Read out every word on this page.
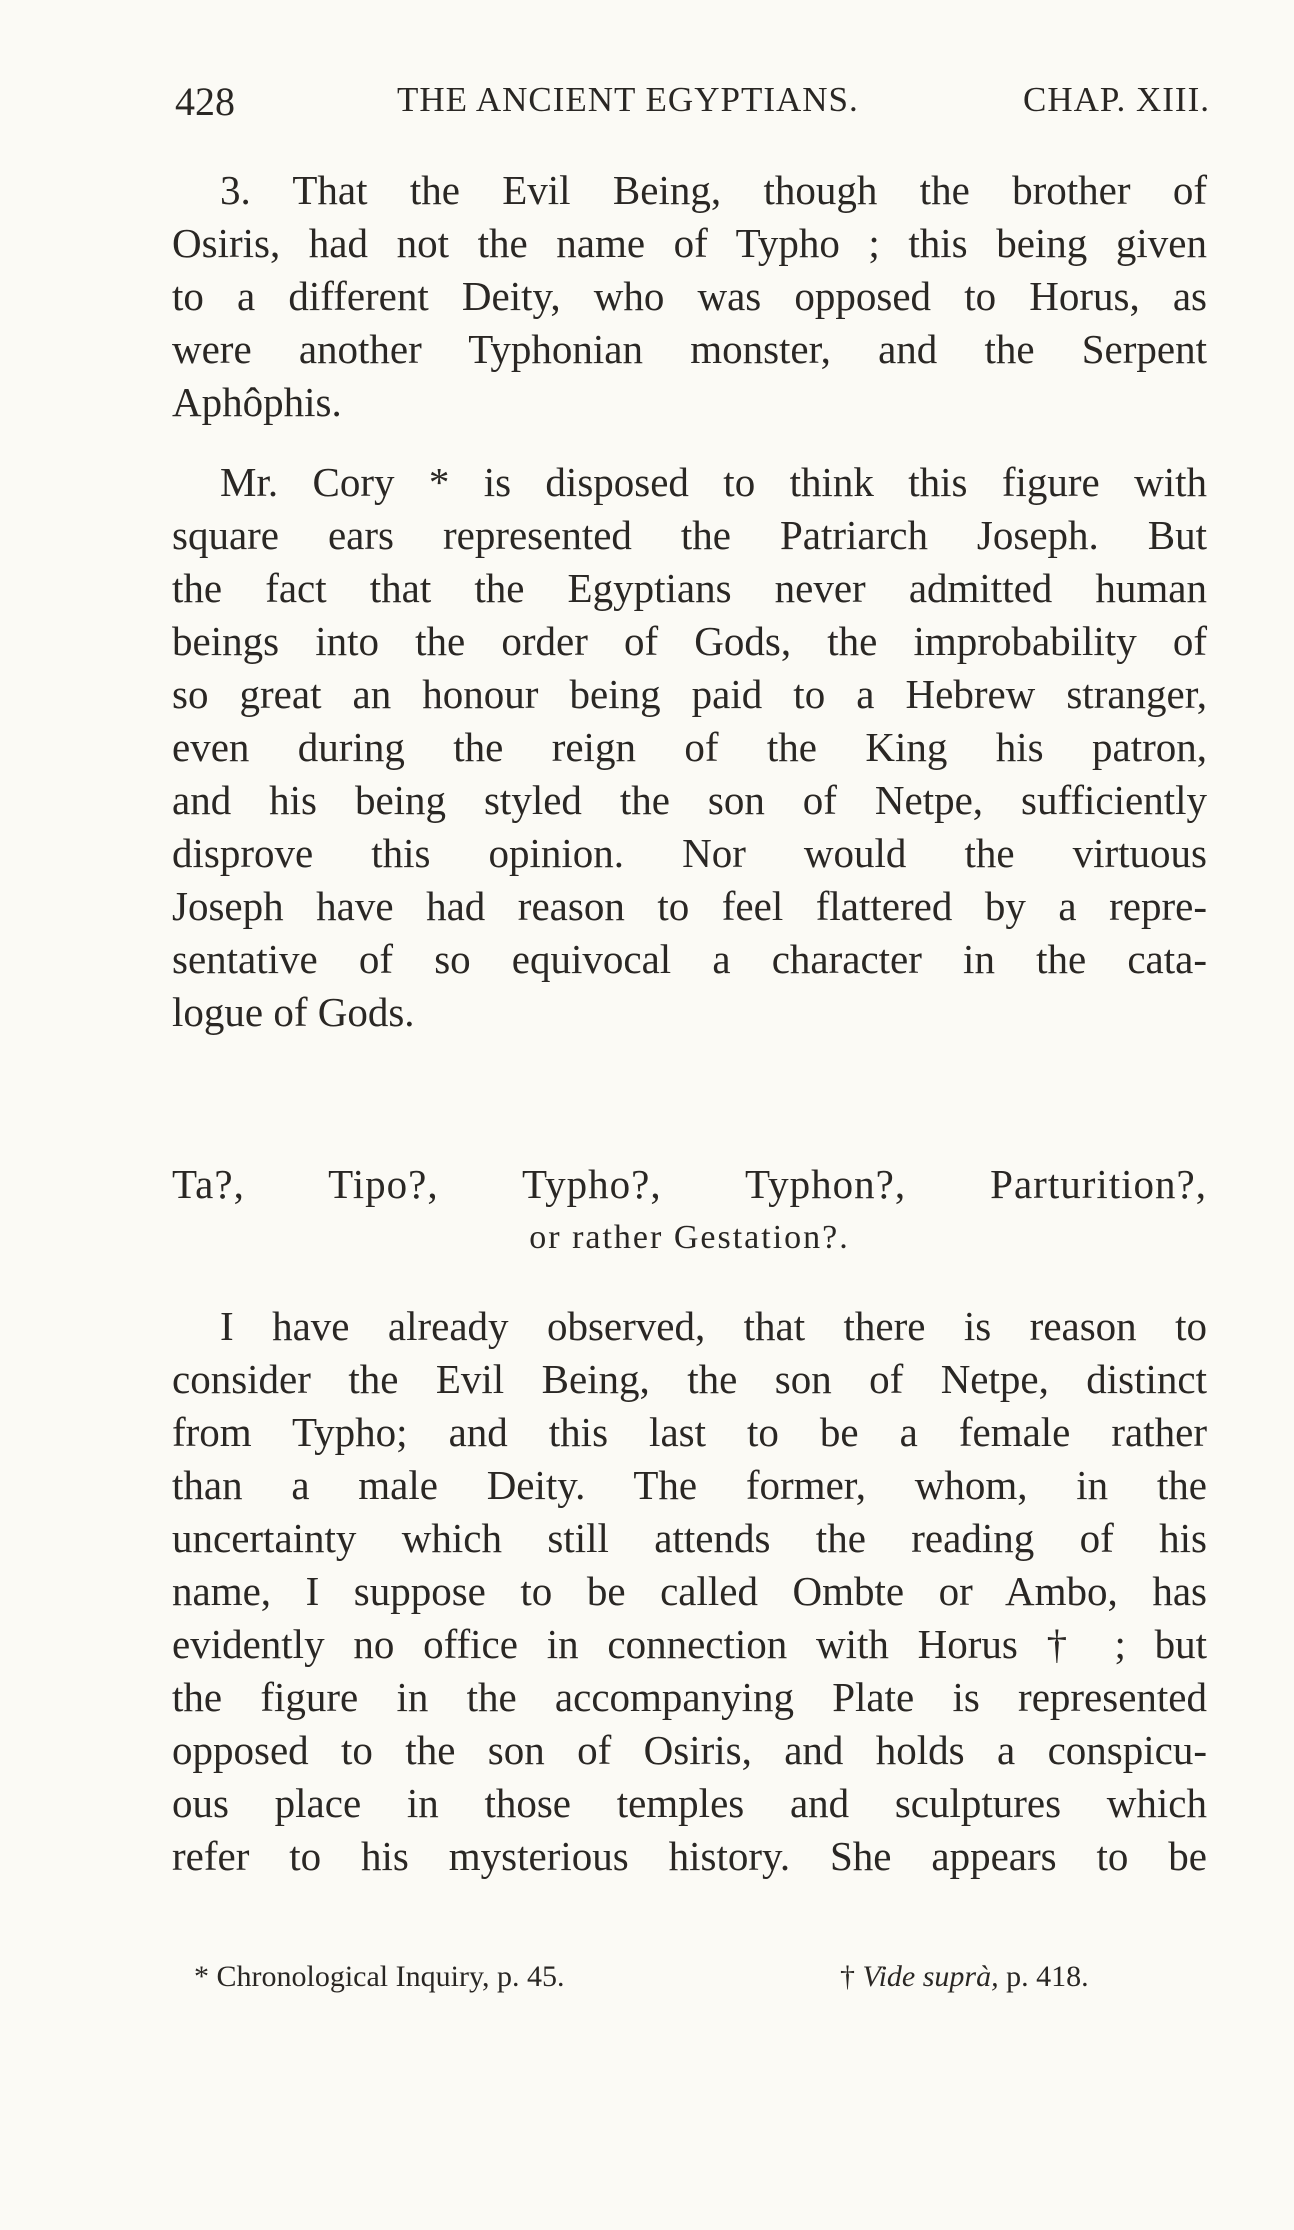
428	THE ANCIENT EGYPTIANS.	CHAP. XIII.
3. That the Evil Being, though the brother of
Osiris, had not the name of Typho ; this being given
to a different Deity, who was opposed to Horus, as
were another Typhonian monster, and the Serpent
Aphôphis.
Mr. Cory * is disposed to think this figure with
square ears represented the Patriarch Joseph. But
the fact that the Egyptians never admitted human
beings into the order of Gods, the improbability of
so great an honour being paid to a Hebrew stranger,
even during the reign of the King his patron,
and his being styled the son of Netpe, sufficiently
disprove this opinion. Nor would the virtuous
Joseph have had reason to feel flattered by a repre-
sentative of so equivocal a character in the cata-
logue of Gods.
Ta?, Tipo?, Typho?, Typhon?, Parturition?,
or rather Gestation?.
I have already observed, that there is reason to
consider the Evil Being, the son of Netpe, distinct
from Typho; and this last to be a female rather
than a male Deity. The former, whom, in the
uncertainty which still attends the reading of his
name, I suppose to be called Ombte or Ambo, has
evidently no office in connection with Horus † ; but
the figure in the accompanying Plate is represented
opposed to the son of Osiris, and holds a conspicu-
ous place in those temples and sculptures which
refer to his mysterious history. She appears to be
* Chronological Inquiry, p. 45.	† Vide suprà, p. 418.
